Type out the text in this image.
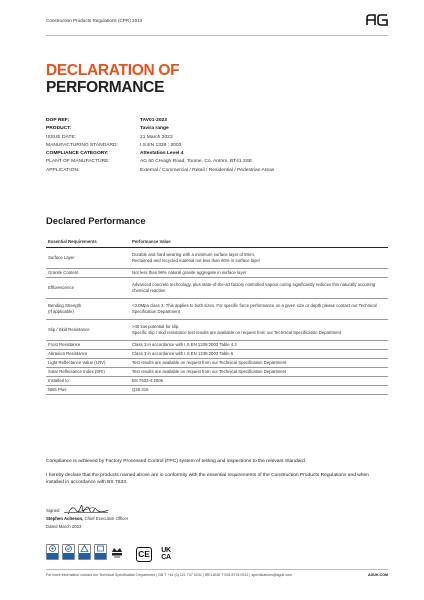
Construction Products Regulations (CPR) 2013
DECLARATION OF
PERFORMANCE
DOP REF:	TAV01-2023
PRODUCT:	Tavira range
ISSUE DATE:	21 March 2023
MANUFACTURING STANDARD:	I.S.EN 1339 : 2003
COMPLIANCE CATEGORY:	Attestation Level 4
PLANT OF MANUFACTURE:	AG 60 Creagh Road, Toome, Co. Antrim, BT41 3SE
APPLICATION:	External / Commercial / Retail / Residential / Pedestrian Areas
Declared Performance
Essential Requirements	Performance Value
Surface Layer	Durable and hard wearing with a minimum surface layer of 8mm.
Reclaimed and recycled material not less than 60% in surface layer
Granite Content	Not less than 96% natural granite aggregate in surface layer
Efflorescence	Advanced concrete technology, plus state-of-the-art factory controlled vapour curing significantly reduces this naturally occurring chemical reaction
Bending Strength
(If applicable)	<3.0Mpa class 2. This applies to both sizes. For specific force performance on a given size or depth please contact our Technical Specification Department
Slip / Skid Resistance	>40 low potential for slip.
Specific slip / skid resistance test results are available on request from our Technical Specification Department
Frost Resistance	Class 3 in accordance with I.S EN 1339:2003 Table 4.2
Abrasion Resistance	Class 3 in accordance with I.S EN 1339:2003 Table 6
Light Reflectance Value (LRV)	Test results are available on request from our Technical Specification Department
Solar Reflectance Index (SRI)	Test results are available on request from our Technical Specification Department
Installed to	BS 7533-4:2006
NBS Plus	Q25 315
Compliance is achieved by Factory Processed Control (FPC) system of testing and inspections to the relevant Standard.
I hereby declare that the products named above are in conformity with the essential requirements of the Construction Products Regulations and when installed in accordance with BS 7533.
Signed
Stephen Acheson, Chief Executive Officer
Dated March 2023
CE UK
CA
For more information contact our Technical Specification Department | GB T +44 (0) 121 747 0232 | IRELAND T 028 8776 0912 | specifications@aguk.com	AGUK.COM
